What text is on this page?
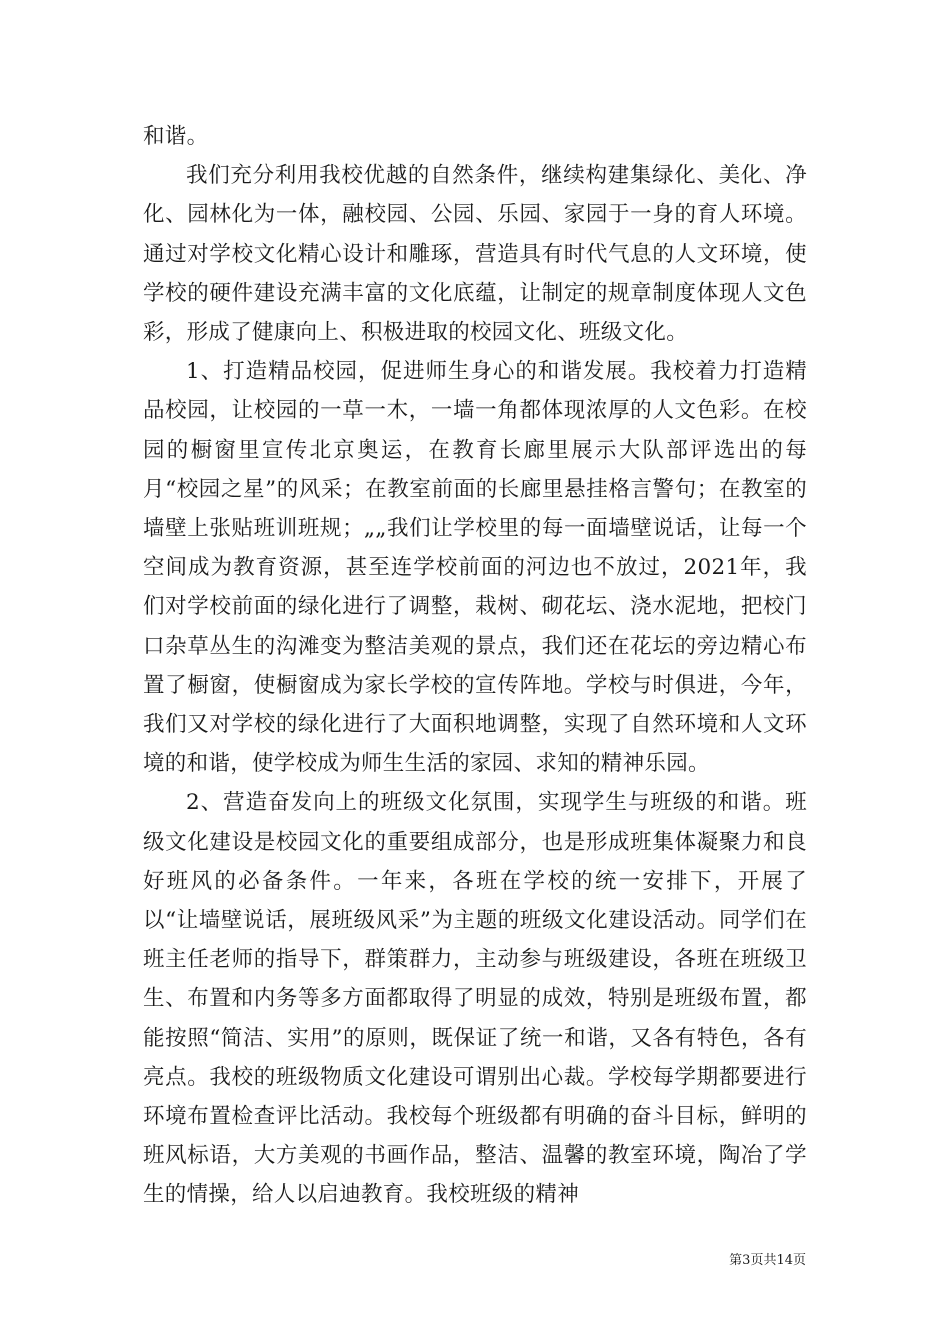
和谐。

我们充分利用我校优越的自然条件，继续构建集绿化、美化、净化、园林化为一体，融校园、公园、乐园、家园于一身的育人环境。通过对学校文化精心设计和雕琢，营造具有时代气息的人文环境，使学校的硬件建设充满丰富的文化底蕴，让制定的规章制度体现人文色彩，形成了健康向上、积极进取的校园文化、班级文化。

1、打造精品校园，促进师生身心的和谐发展。我校着力打造精品校园，让校园的一草一木，一墙一角都体现浓厚的人文色彩。在校园的橱窗里宣传北京奥运，在教育长廊里展示大队部评选出的每月“校园之星”的风采；在教室前面的长廊里悬挂格言警句；在教室的墙壁上张贴班训班规；„„我们让学校里的每一面墙壁说话，让每一个空间成为教育资源，甚至连学校前面的河边也不放过，2021年，我们对学校前面的绿化进行了调整，栽树、砌花坛、浇水泥地，把校门口杂草丛生的沟滩变为整洁美观的景点，我们还在花坛的旁边精心布置了橱窗，使橱窗成为家长学校的宣传阵地。学校与时俱进，今年，我们又对学校的绿化进行了大面积地调整，实现了自然环境和人文环境的和谐，使学校成为师生生活的家园、求知的精神乐园。

2、营造奋发向上的班级文化氛围，实现学生与班级的和谐。班级文化建设是校园文化的重要组成部分，也是形成班集体凝聚力和良好班风的必备条件。一年来，各班在学校的统一安排下，开展了以“让墙壁说话，展班级风采”为主题的班级文化建设活动。同学们在班主任老师的指导下，群策群力，主动参与班级建设，各班在班级卫生、布置和内务等多方面都取得了明显的成效，特别是班级布置，都能按照“简洁、实用”的原则，既保证了统一和谐，又各有特色，各有亮点。我校的班级物质文化建设可谓别出心裁。学校每学期都要进行环境布置检查评比活动。我校每个班级都有明确的奋斗目标，鲜明的班风标语，大方美观的书画作品，整洁、温馨的教室环境，陶冶了学生的情操，给人以启迪教育。我校班级的精神

第3页共14页
